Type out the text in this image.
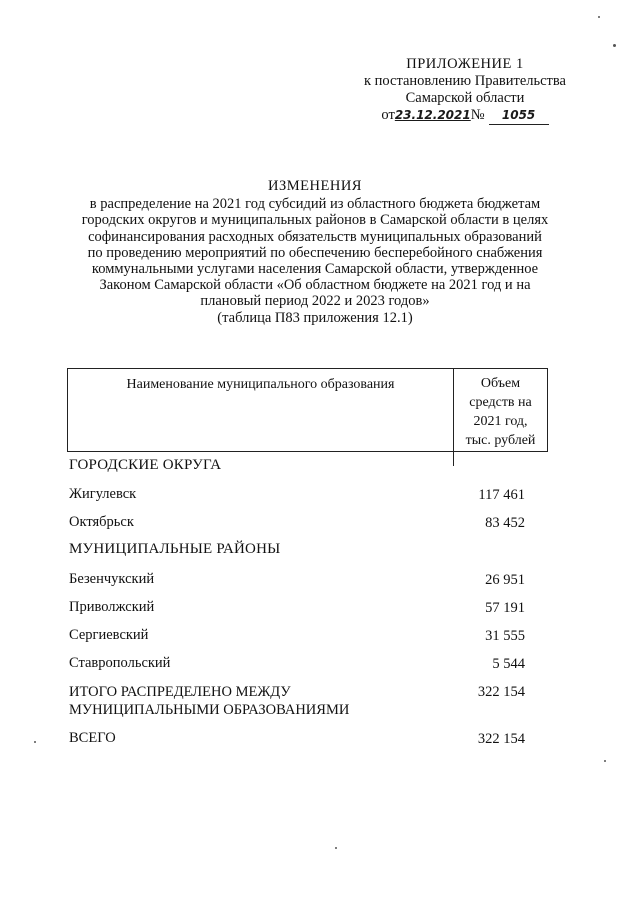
ПРИЛОЖЕНИЕ 1
к постановлению Правительства
Самарской области
от23.12.2021№ 1055
ИЗМЕНЕНИЯ
в распределение на 2021 год субсидий из областного бюджета бюджетам
городских округов и муниципальных районов в Самарской области в целях
софинансирования расходных обязательств муниципальных образований
по проведению мероприятий по обеспечению бесперебойного снабжения
коммунальными услугами населения Самарской области, утвержденное
Законом Самарской области «Об областном бюджете на 2021 год и на
плановый период 2022 и 2023 годов»
(таблица П83 приложения 12.1)
Наименование муниципального образования	Объем
средств на
2021 год,
тыс. рублей
ГОРОДСКИЕ ОКРУГА
Жигулевск	117 461
Октябрьск	83 452
МУНИЦИПАЛЬНЫЕ РАЙОНЫ
Безенчукский	26 951
Приволжский	57 191
Сергиевский	31 555
Ставропольский	5 544
ИТОГО РАСПРЕДЕЛЕНО МЕЖДУ
МУНИЦИПАЛЬНЫМИ ОБРАЗОВАНИЯМИ
322 154
ВСЕГО	322 154
